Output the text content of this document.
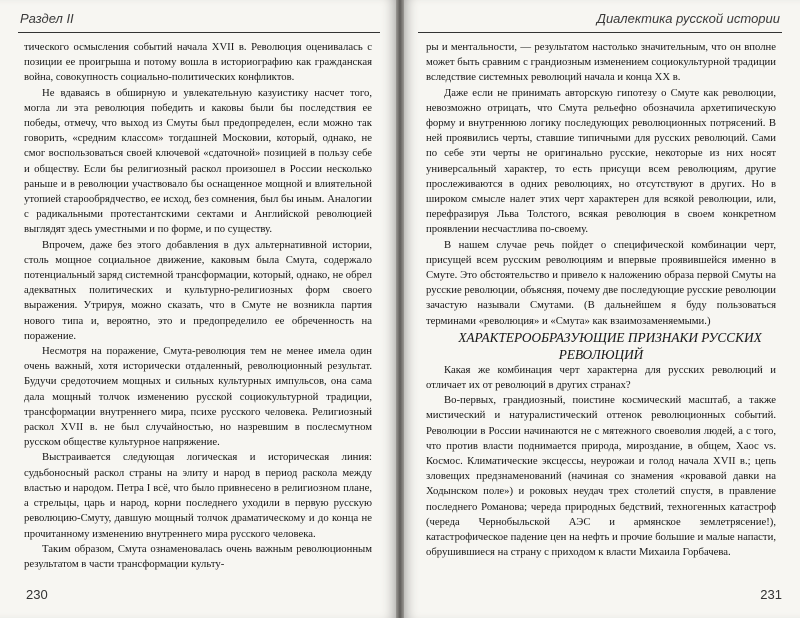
Раздел II

тического осмысления событий начала XVII в. Революция оценивалась с позиции ее проигрыша и потому вошла в историографию как гражданская война, совокупность социально-политических конфликтов.

Не вдаваясь в обширную и увлекательную казуистику насчет того, могла ли эта революция победить и каковы были бы последствия ее победы, отмечу, что выход из Смуты был предопределен, если можно так говорить, «средним классом» тогдашней Московии, который, однако, не смог воспользоваться своей ключевой «сдаточной» позицией в пользу себе и обществу. Если бы религиозный раскол произошел в России несколько раньше и в революции участвовало бы оснащенное мощной и влиятельной утопией старообрядчество, ее исход, без сомнения, был бы иным. Аналогии с радикальными протестантскими сектами и Английской революцией выглядят здесь уместными и по форме, и по существу.

Впрочем, даже без этого добавления в дух альтернативной истории, столь мощное социальное движение, каковым была Смута, содержало потенциальный заряд системной трансформации, который, однако, не обрел адекватных политических и культурно-религиозных форм своего выражения. Утрируя, можно сказать, что в Смуте не возникла партия нового типа и, вероятно, это и предопределило ее обреченность на поражение.

Несмотря на поражение, Смута-революция тем не менее имела один очень важный, хотя исторически отдаленный, революционный результат. Будучи средоточием мощных и сильных культурных импульсов, она сама дала мощный толчок изменению русской социокультурной традиции, трансформации внутреннего мира, психе русского человека. Религиозный раскол XVII в. не был случайностью, но назревшим в послесмутном русском обществе культурное напряжение.

Выстраивается следующая логическая и историческая линия: судьбоносный раскол страны на элиту и народ в период раскола между властью и народом. Петра I всё, что было привнесено в религиозном плане, а стрельцы, царь и народ, корни последнего уходили в первую русскую революцию-Смуту, давшую мощный толчок драматическому и до конца не прочитанному изменению внутреннего мира русского человека.

Таким образом, Смута ознаменовалась очень важным революционным результатом в части трансформации культу-

230
Диалектика русской истории

ры и ментальности, — результатом настолько значительным, что он вполне может быть сравним с грандиозным изменением социокультурной традиции вследствие системных революций начала и конца XX в.

Даже если не принимать авторскую гипотезу о Смуте как революции, невозможно отрицать, что Смута рельефно обозначила архетипическую форму и внутреннюю логику последующих революционных потрясений. В ней проявились черты, ставшие типичными для русских революций. Сами по себе эти черты не оригинально русские, некоторые из них носят универсальный характер, то есть присущи всем революциям, другие прослеживаются в одних революциях, но отсутствуют в других. Но в широком смысле налет этих черт характерен для всякой революции, или, перефразируя Льва Толстого, всякая революция в своем конкретном проявлении несчастлива по-своему.

В нашем случае речь пойдет о специфической комбинации черт, присущей всем русским революциям и впервые проявившейся именно в Смуте. Это обстоятельство и привело к наложению образа первой Смуты на русские революции, объясняя, почему две последующие русские революции зачастую называли Смутами. (В дальнейшем я буду пользоваться терминами «революция» и «Смута» как взаимозаменяемыми.)

ХАРАКТЕРООБРАЗУЮЩИЕ ПРИЗНАКИ РУССКИХ РЕВОЛЮЦИЙ

Какая же комбинация черт характерна для русских революций и отличает их от революций в других странах?

Во-первых, грандиозный, поистине космический масштаб, а также мистический и натуралистический оттенок революционных событий. Революции в России начинаются не с мятежного своеволия людей, а с того, что против власти поднимается природа, мироздание, в общем, Хаос vs. Космос. Климатические эксцессы, неурожаи и голод начала XVII в.; цепь зловещих предзнаменований (начиная со знамения «кровавой давки на Ходынском поле») и роковых неудач трех столетий спустя, в правление последнего Романова; череда природных бедствий, техногенных катастроф (череда Чернобыльской АЭС и армянское землетрясение!), катастрофическое падение цен на нефть и прочие большие и малые напасти, обрушившиеся на страну с приходом к власти Михаила Горбачева.

231
